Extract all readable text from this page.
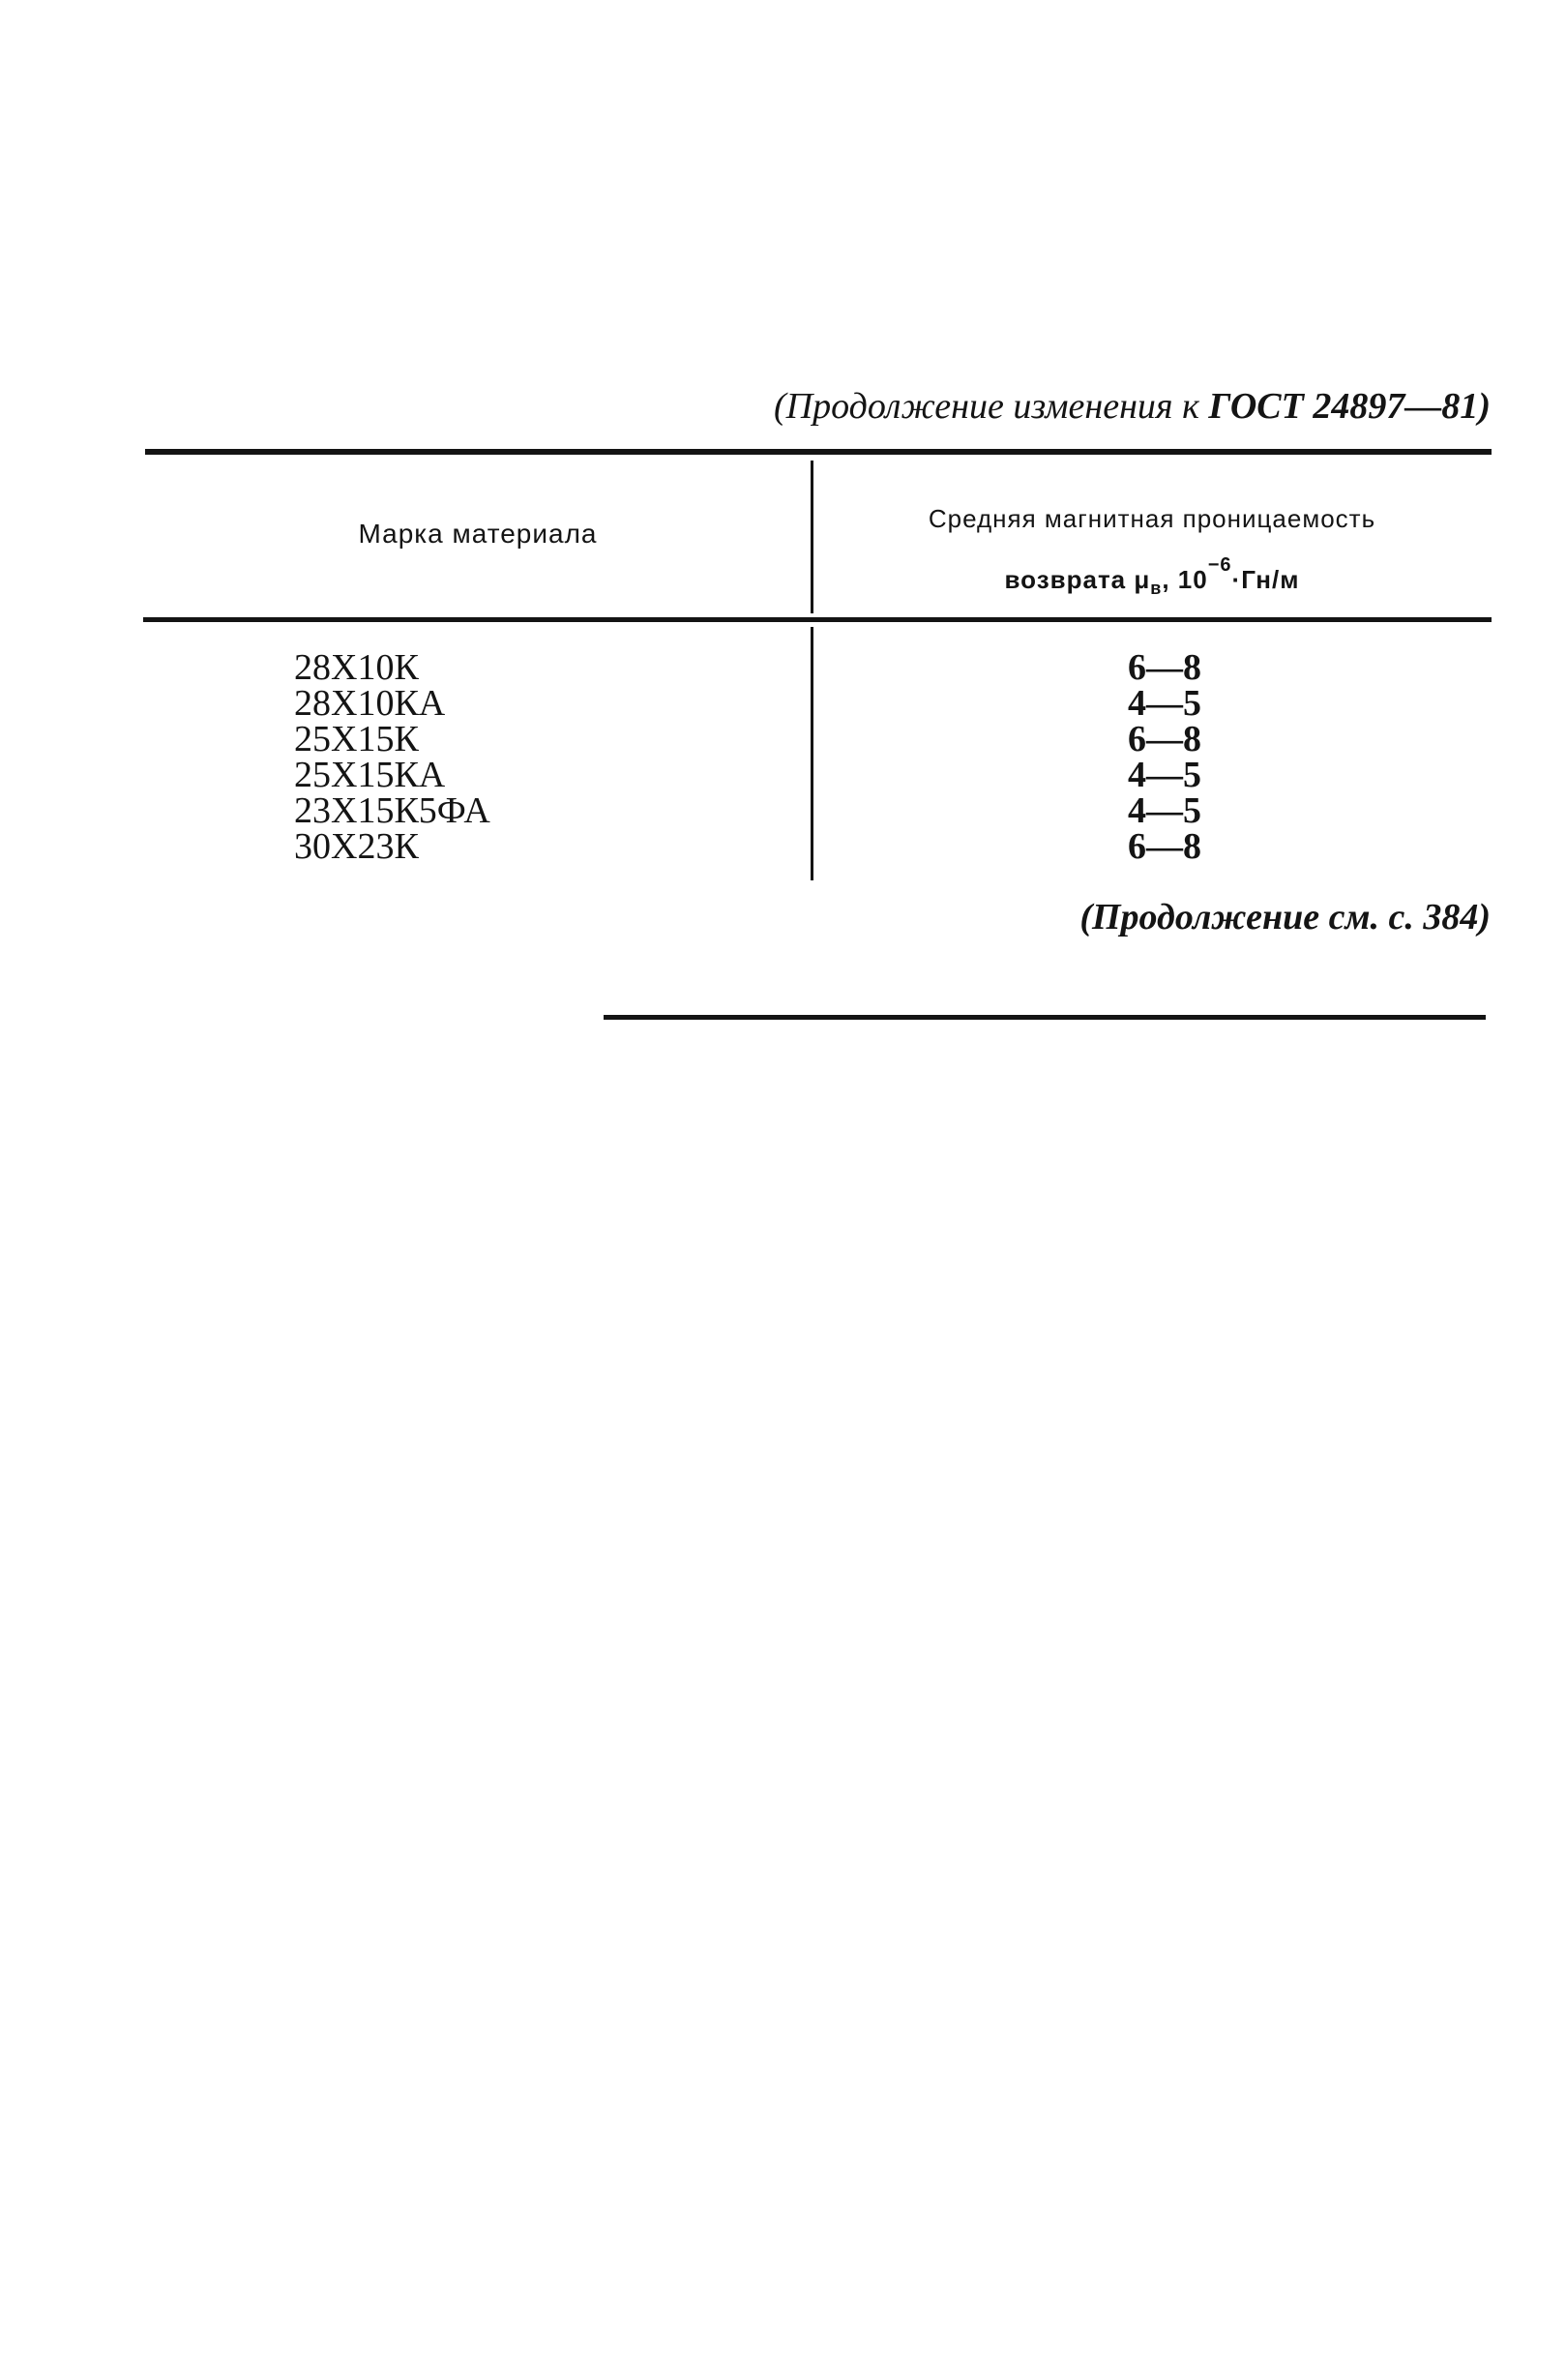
(Продолжение изменения к ГОСТ 24897—81)
Марка материала	Средняя магнитная проницаемость
возврата $\mu_в$, $10^{-6}\cdot Гн/м$
28Х10К
28Х10КА
25Х15К
25Х15КА
23Х15К5ФА
30Х23К
6—8
4—5
6—8
4—5
4—5
6—8
(Продолжение см. с. 384)
